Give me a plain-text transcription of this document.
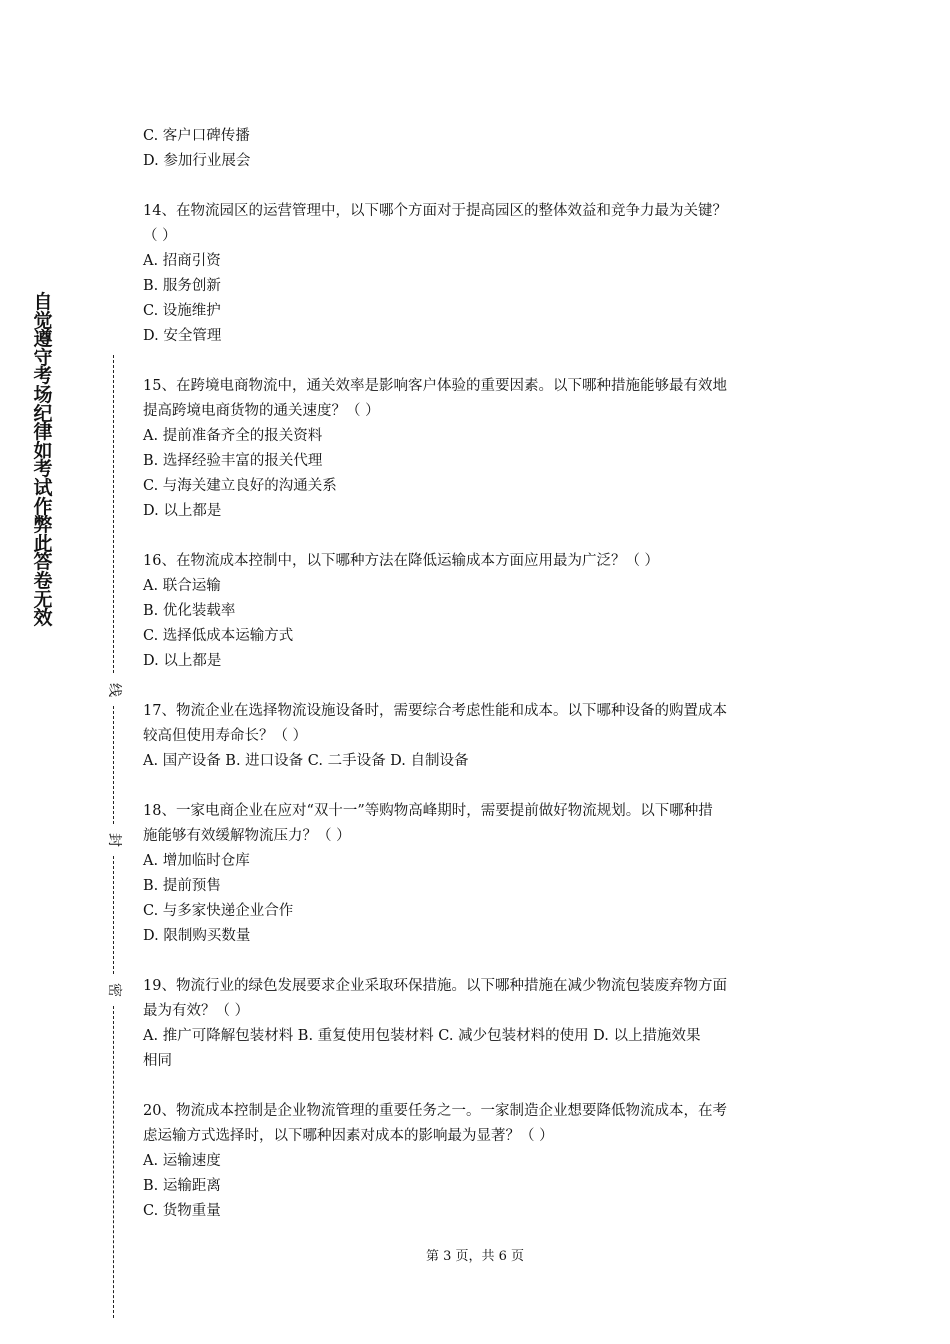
自觉遵守考场纪律如考试作弊此答卷无效
线
封
密
C. 客户口碑传播
D. 参加行业展会
14、在物流园区的运营管理中，以下哪个方面对于提高园区的整体效益和竞争力最为关键？
（ ）
A. 招商引资
B. 服务创新
C. 设施维护
D. 安全管理
15、在跨境电商物流中，通关效率是影响客户体验的重要因素。以下哪种措施能够最有效地
提高跨境电商货物的通关速度？（ ）
A. 提前准备齐全的报关资料
B. 选择经验丰富的报关代理
C. 与海关建立良好的沟通关系
D. 以上都是
16、在物流成本控制中，以下哪种方法在降低运输成本方面应用最为广泛？（ ）
A. 联合运输
B. 优化装载率
C. 选择低成本运输方式
D. 以上都是
17、物流企业在选择物流设施设备时，需要综合考虑性能和成本。以下哪种设备的购置成本
较高但使用寿命长？（ ）
A. 国产设备 B. 进口设备 C. 二手设备 D. 自制设备
18、一家电商企业在应对“双十一”等购物高峰期时，需要提前做好物流规划。以下哪种措
施能够有效缓解物流压力？（ ）
A. 增加临时仓库
B. 提前预售
C. 与多家快递企业合作
D. 限制购买数量
19、物流行业的绿色发展要求企业采取环保措施。以下哪种措施在减少物流包装废弃物方面
最为有效？（ ）
A. 推广可降解包装材料 B. 重复使用包装材料 C. 减少包装材料的使用 D. 以上措施效果
相同
20、物流成本控制是企业物流管理的重要任务之一。一家制造企业想要降低物流成本，在考
虑运输方式选择时，以下哪种因素对成本的影响最为显著？（ ）
A. 运输速度
B. 运输距离
C. 货物重量
第 3 页，共 6 页
